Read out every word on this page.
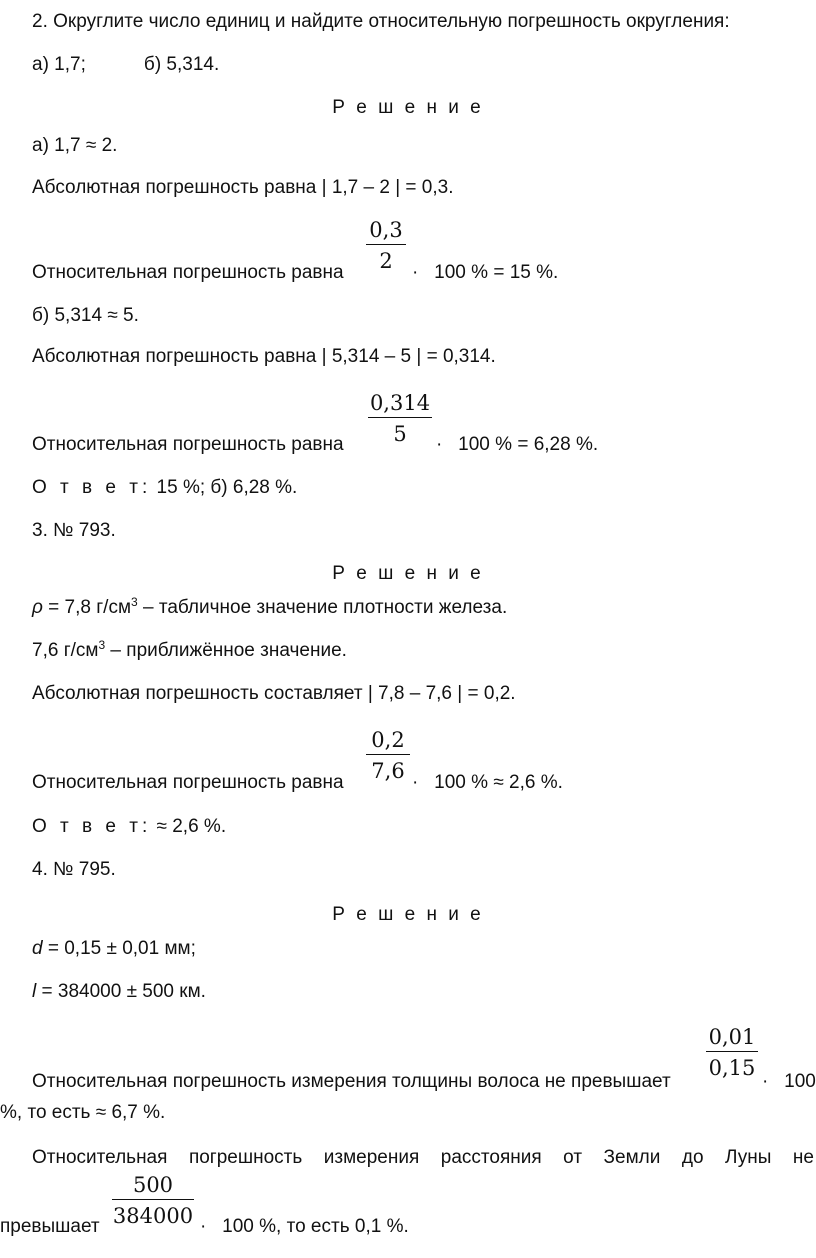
2. Округлите число единиц и найдите относительную погрешность округления:
а) 1,7;           б) 5,314.
Р е ш е н и е
а) 1,7 ≈ 2.
Абсолютная погрешность равна | 1,7 – 2 | = 0,3.
Относительная погрешность равна $\frac{0,3}{2} \cdot 100$ % = 15 %.
б) 5,314 ≈ 5.
Абсолютная погрешность равна | 5,314 – 5 | = 0,314.
Относительная погрешность равна $\frac{0,314}{5} \cdot 100$ % = 6,28 %.
О т в е т: 15 %; б) 6,28 %.
3. № 793.
Р е ш е н и е
ρ = 7,8 $г/см^3$ – табличное значение плотности железа.
7,6 $г/см^3$ – приближённое значение.
Абсолютная погрешность составляет | 7,8 – 7,6 | = 0,2.
Относительная погрешность равна $\frac{0,2}{7,6} \cdot 100$ % ≈ 2,6 %.
О т в е т: ≈ 2,6 %.
4. № 795.
Р е ш е н и е
d = 0,15 ± 0,01 мм;
l = 384000 ± 500 км.
Относительная погрешность измерения толщины волоса не превышает
$\frac{0,01}{0,15}$
·   100
%, то есть ≈ 6,7 %.
Относительная погрешность измерения расстояния от Земли до Луны не
превышает $\frac{500}{384000} \cdot 100$ %, то есть 0,1 %.
